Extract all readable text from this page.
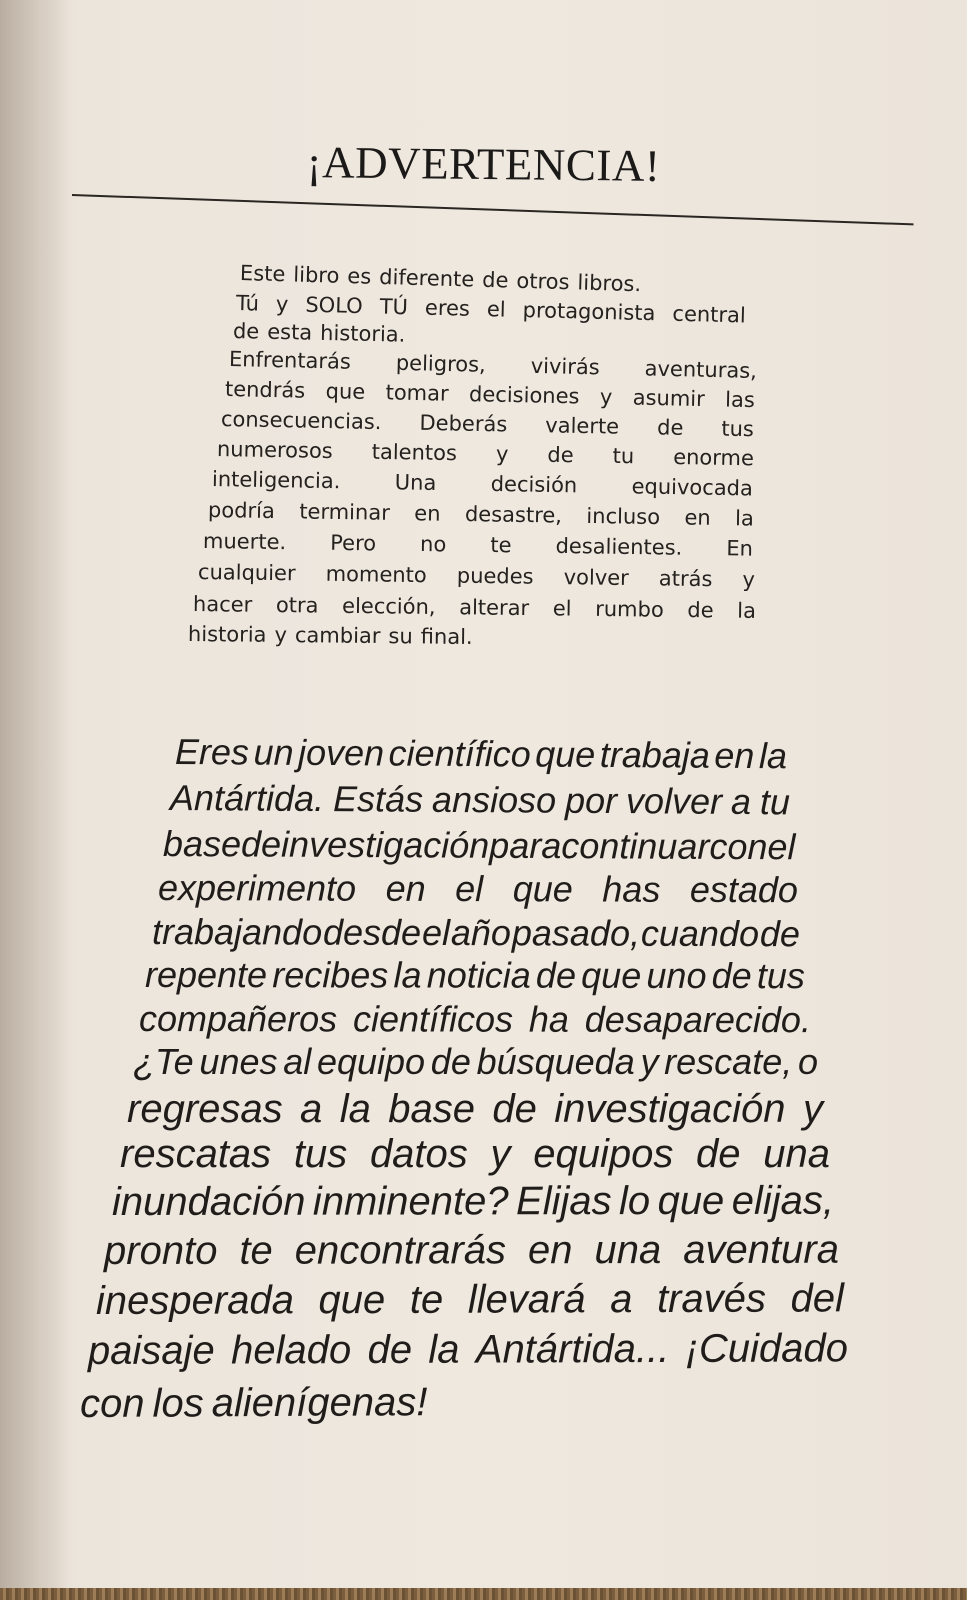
¡ADVERTENCIA!
Este libro es diferente de otros libros.
Tú y SOLO TÚ eres el protagonista central
de esta historia.
Enfrentarás peligros, vivirás aventuras,
tendrás que tomar decisiones y asumir las
consecuencias. Deberás valerte de tus
numerosos talentos y de tu enorme
inteligencia.	Una	decisión	equivocada
podría terminar en desastre, incluso en la
muerte. Pero no te desalientes. En
cualquier momento puedes volver atrás y
hacer otra elección, alterar el rumbo de la
historia y cambiar su final.
Eres un joven científico que trabaja en la
Antártida. Estás ansioso por volver a tu
base de investigación para continuar con el
experimento en el que has estado
trabajando desde el año pasado, cuando de
repente recibes la noticia de que uno de tus
compañeros científicos ha desaparecido.
¿Te unes al equipo de búsqueda y rescate, o
regresas a la base de investigación y
rescatas tus datos y equipos de una
inundación inminente? Elijas lo que elijas,
pronto te encontrarás en una aventura
inesperada que te llevará a través del
paisaje helado de la Antártida... ¡Cuidado
con los alienígenas!
